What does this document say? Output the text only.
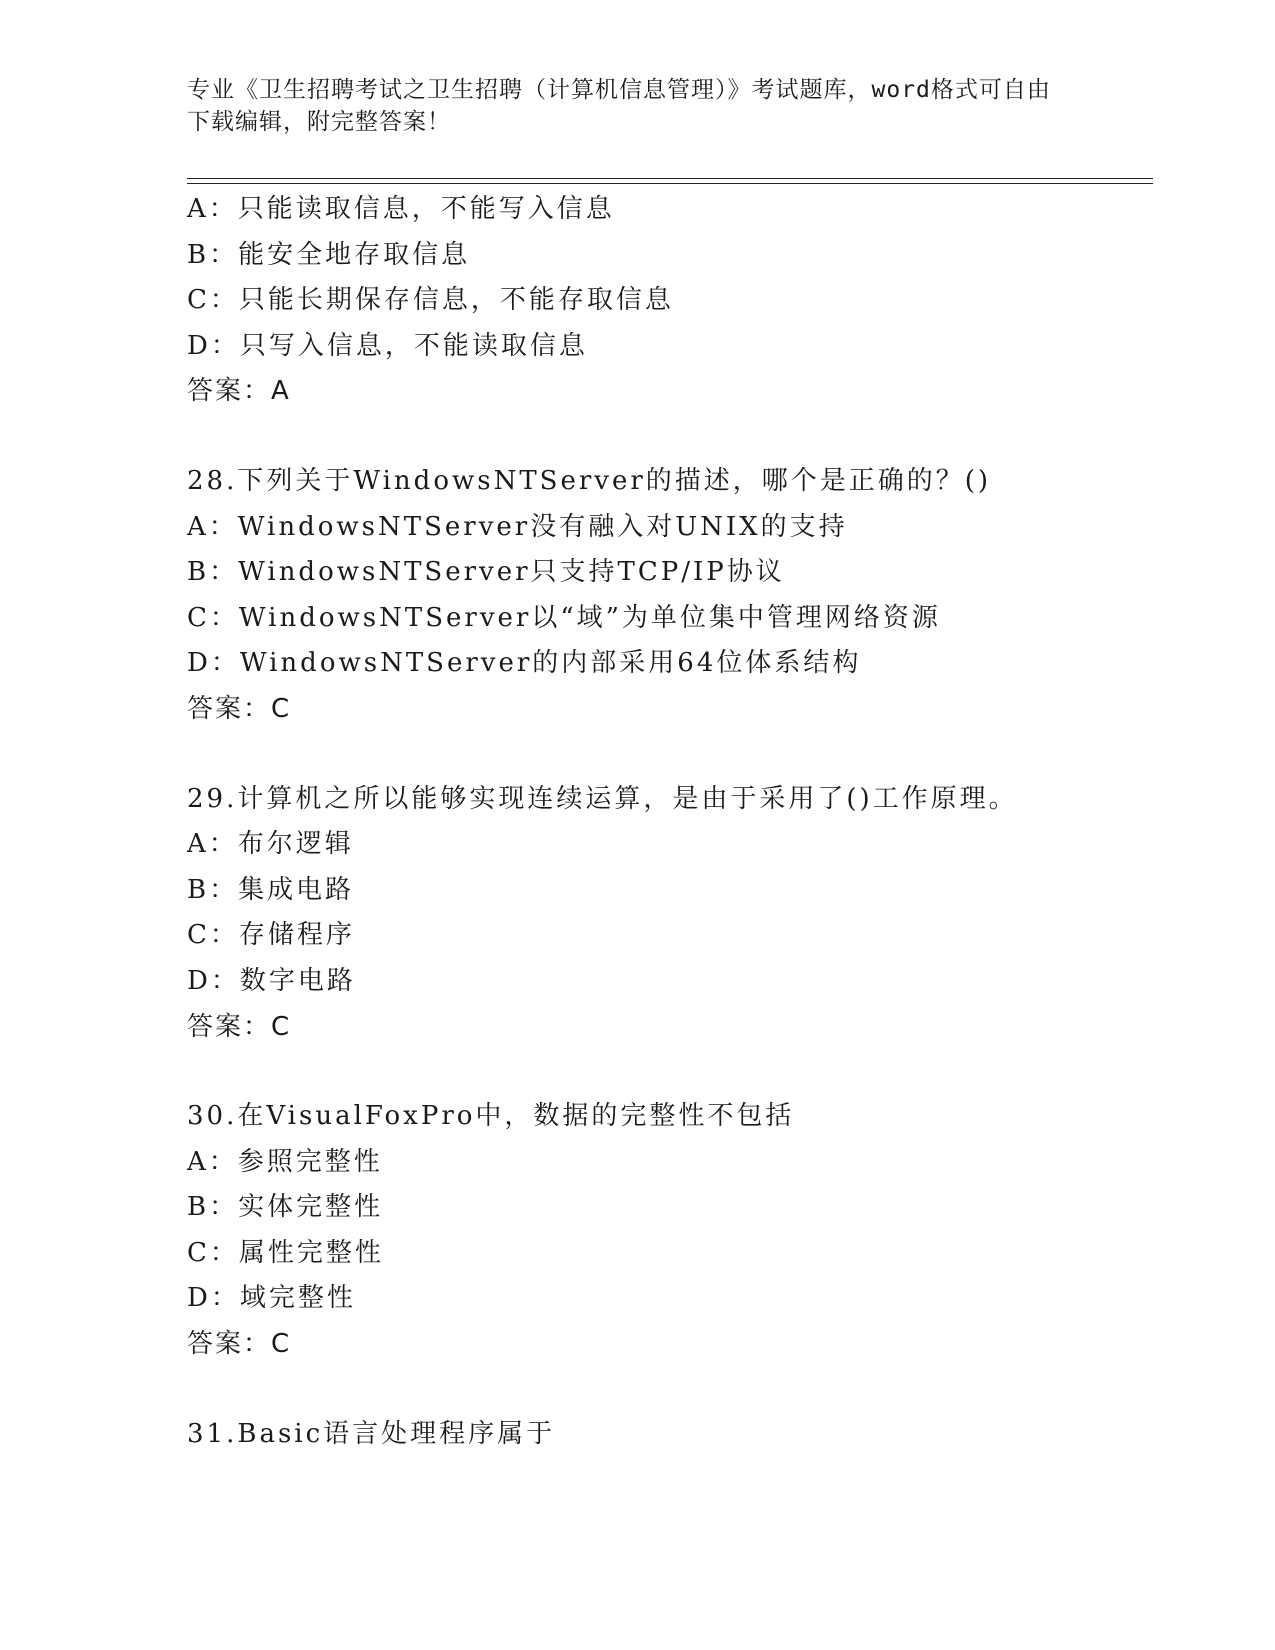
专业《卫生招聘考试之卫生招聘（计算机信息管理）》考试题库，word格式可自由下载编辑，附完整答案！
A：只能读取信息，不能写入信息
B：能安全地存取信息
C：只能长期保存信息，不能存取信息
D：只写入信息，不能读取信息
答案：A
28.下列关于WindowsNTServer的描述，哪个是正确的？()
A：WindowsNTServer没有融入对UNIX的支持
B：WindowsNTServer只支持TCP/IP协议
C：WindowsNTServer以“域”为单位集中管理网络资源
D：WindowsNTServer的内部采用64位体系结构
答案：C
29.计算机之所以能够实现连续运算，是由于采用了()工作原理。
A：布尔逻辑
B：集成电路
C：存储程序
D：数字电路
答案：C
30.在VisualFoxPro中，数据的完整性不包括
A：参照完整性
B：实体完整性
C：属性完整性
D：域完整性
答案：C
31.Basic语言处理程序属于
